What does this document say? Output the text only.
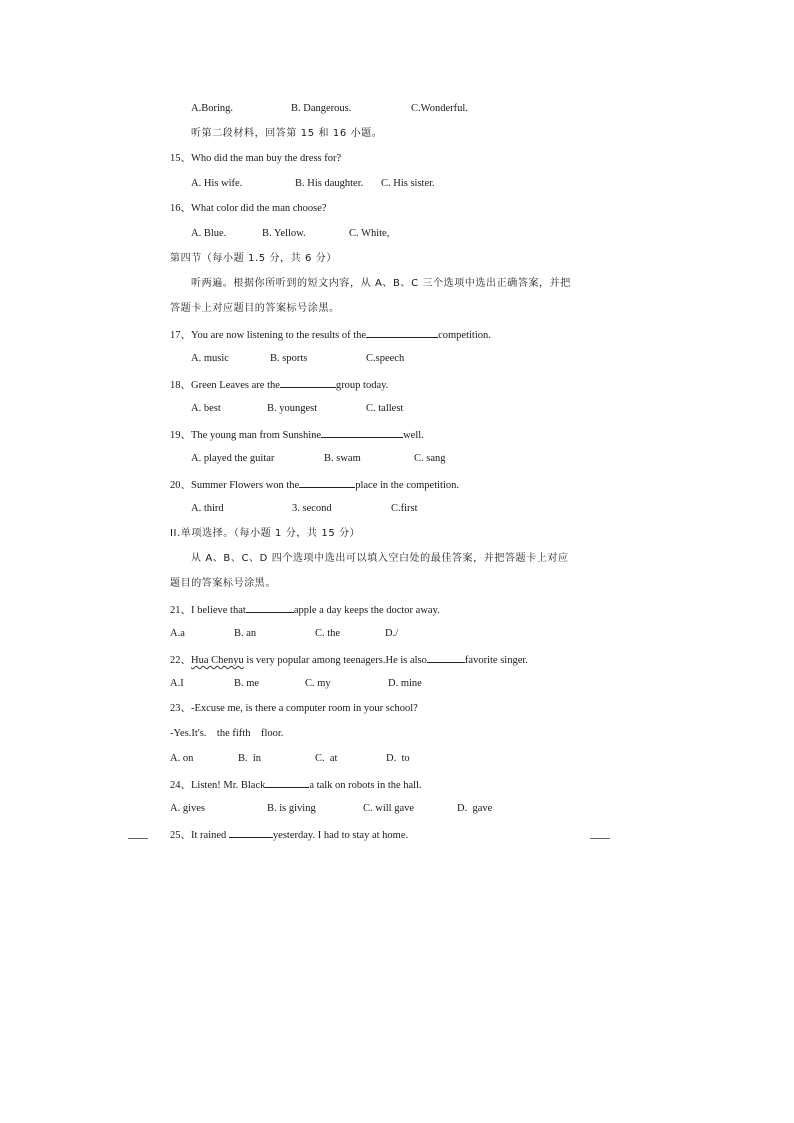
A.Boring.	B. Dangerous.	C.Wonderful.
听第二段材料，回答第 15 和 16 小题。
15、Who did the man buy the dress for?
A. His wife.	B. His daughter. C. His sister.
16、What color did the man choose?
A. Blue.	B. Yellow.	C. White,
第四节（每小题 1.5 分，共 6 分）
听两遍。根据你所听到的短文内容，从 A、B、C 三个选项中选出正确答案，并把
答题卡上对应题目的答案标号涂黑。
17、You are now listening to the results of the	competition.
A. music	B. sports	C.speech
18、Green Leaves are the	group today.
A. best	B. youngest	C. tallest
19、The young man from Sunshine	well.
A. played the guitar	B. swam	C. sang
20、Summer Flowers won the	place in the competition.
A. third	3. second	C.first
II.单项选择。（每小题 1 分，共 15 分）
从 A、B、C、D 四个选项中选出可以填入空白处的最佳答案，并把答题卡上对应
题目的答案标号涂黑。
21、I believe that	apple a day keeps the doctor away.
A.a	B. an	C. the	D./
22、Hua Chenyu is very popular among teenagers.He is also	favorite singer.
A.I	B. me	C. my	D. mine
23、-Excuse me, is there a computer room in your school?
-Yes.It's.    the fifth    floor.
A. on	B.  in	C.  at	D.  to
24、Listen! Mr. Black	a talk on robots in the hall.
A. gives	B. is giving	C. will gave	D.  gave
25、It rained	yesterday. I had to stay at home.
